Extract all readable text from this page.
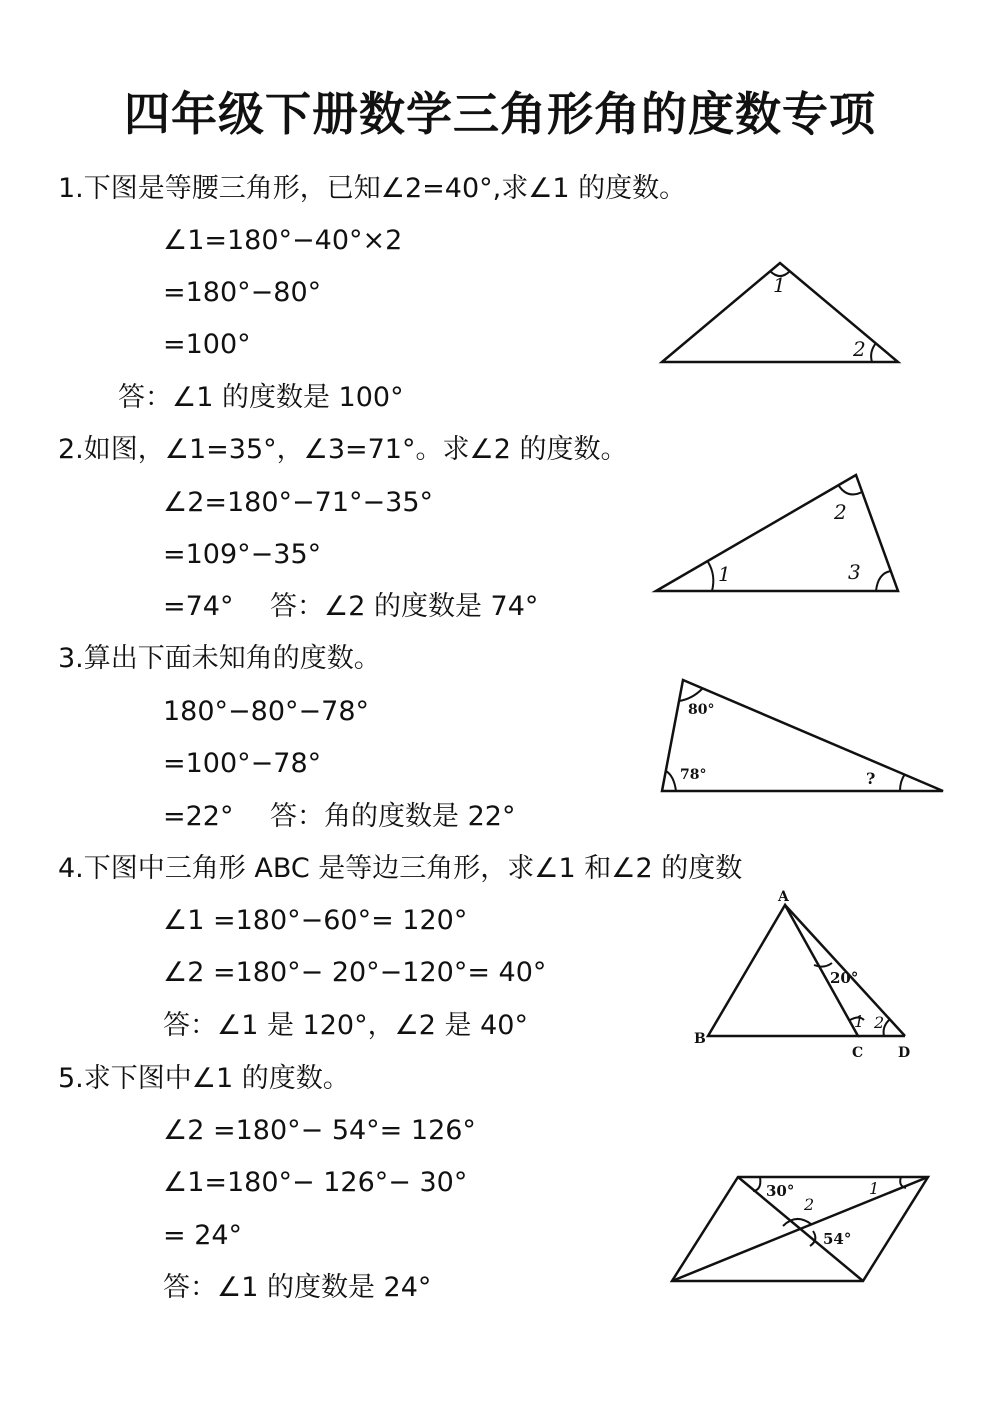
四年级下册数学三角形角的度数专项
1.下图是等腰三角形，已知∠2=40°,求∠1 的度数。
∠1=180°−40°×2
=180°−80°
=100°
答：∠1 的度数是 100°
1
2
2.如图，∠1=35°，∠3=71°。求∠2 的度数。
∠2=180°−71°−35°
=109°−35°
=74° 答：∠2 的度数是 74°
1
2
3
3.算出下面未知角的度数。
180°−80°−78°
=100°−78°
=22° 答：角的度数是 22°
80°
78°	?
4.下图中三角形 ABC 是等边三角形，求∠1 和∠2 的度数
∠1 =180°−60°= 120°
∠2 =180°− 20°−120°= 40°
答：∠1 是 120°，∠2 是 40°
A
B
C D
20°
1 2
5.求下图中∠1 的度数。
∠2 =180°− 54°= 126°
∠1=180°− 126°− 30°
= 24°
答：∠1 的度数是 24°
30°	1
2
54°
